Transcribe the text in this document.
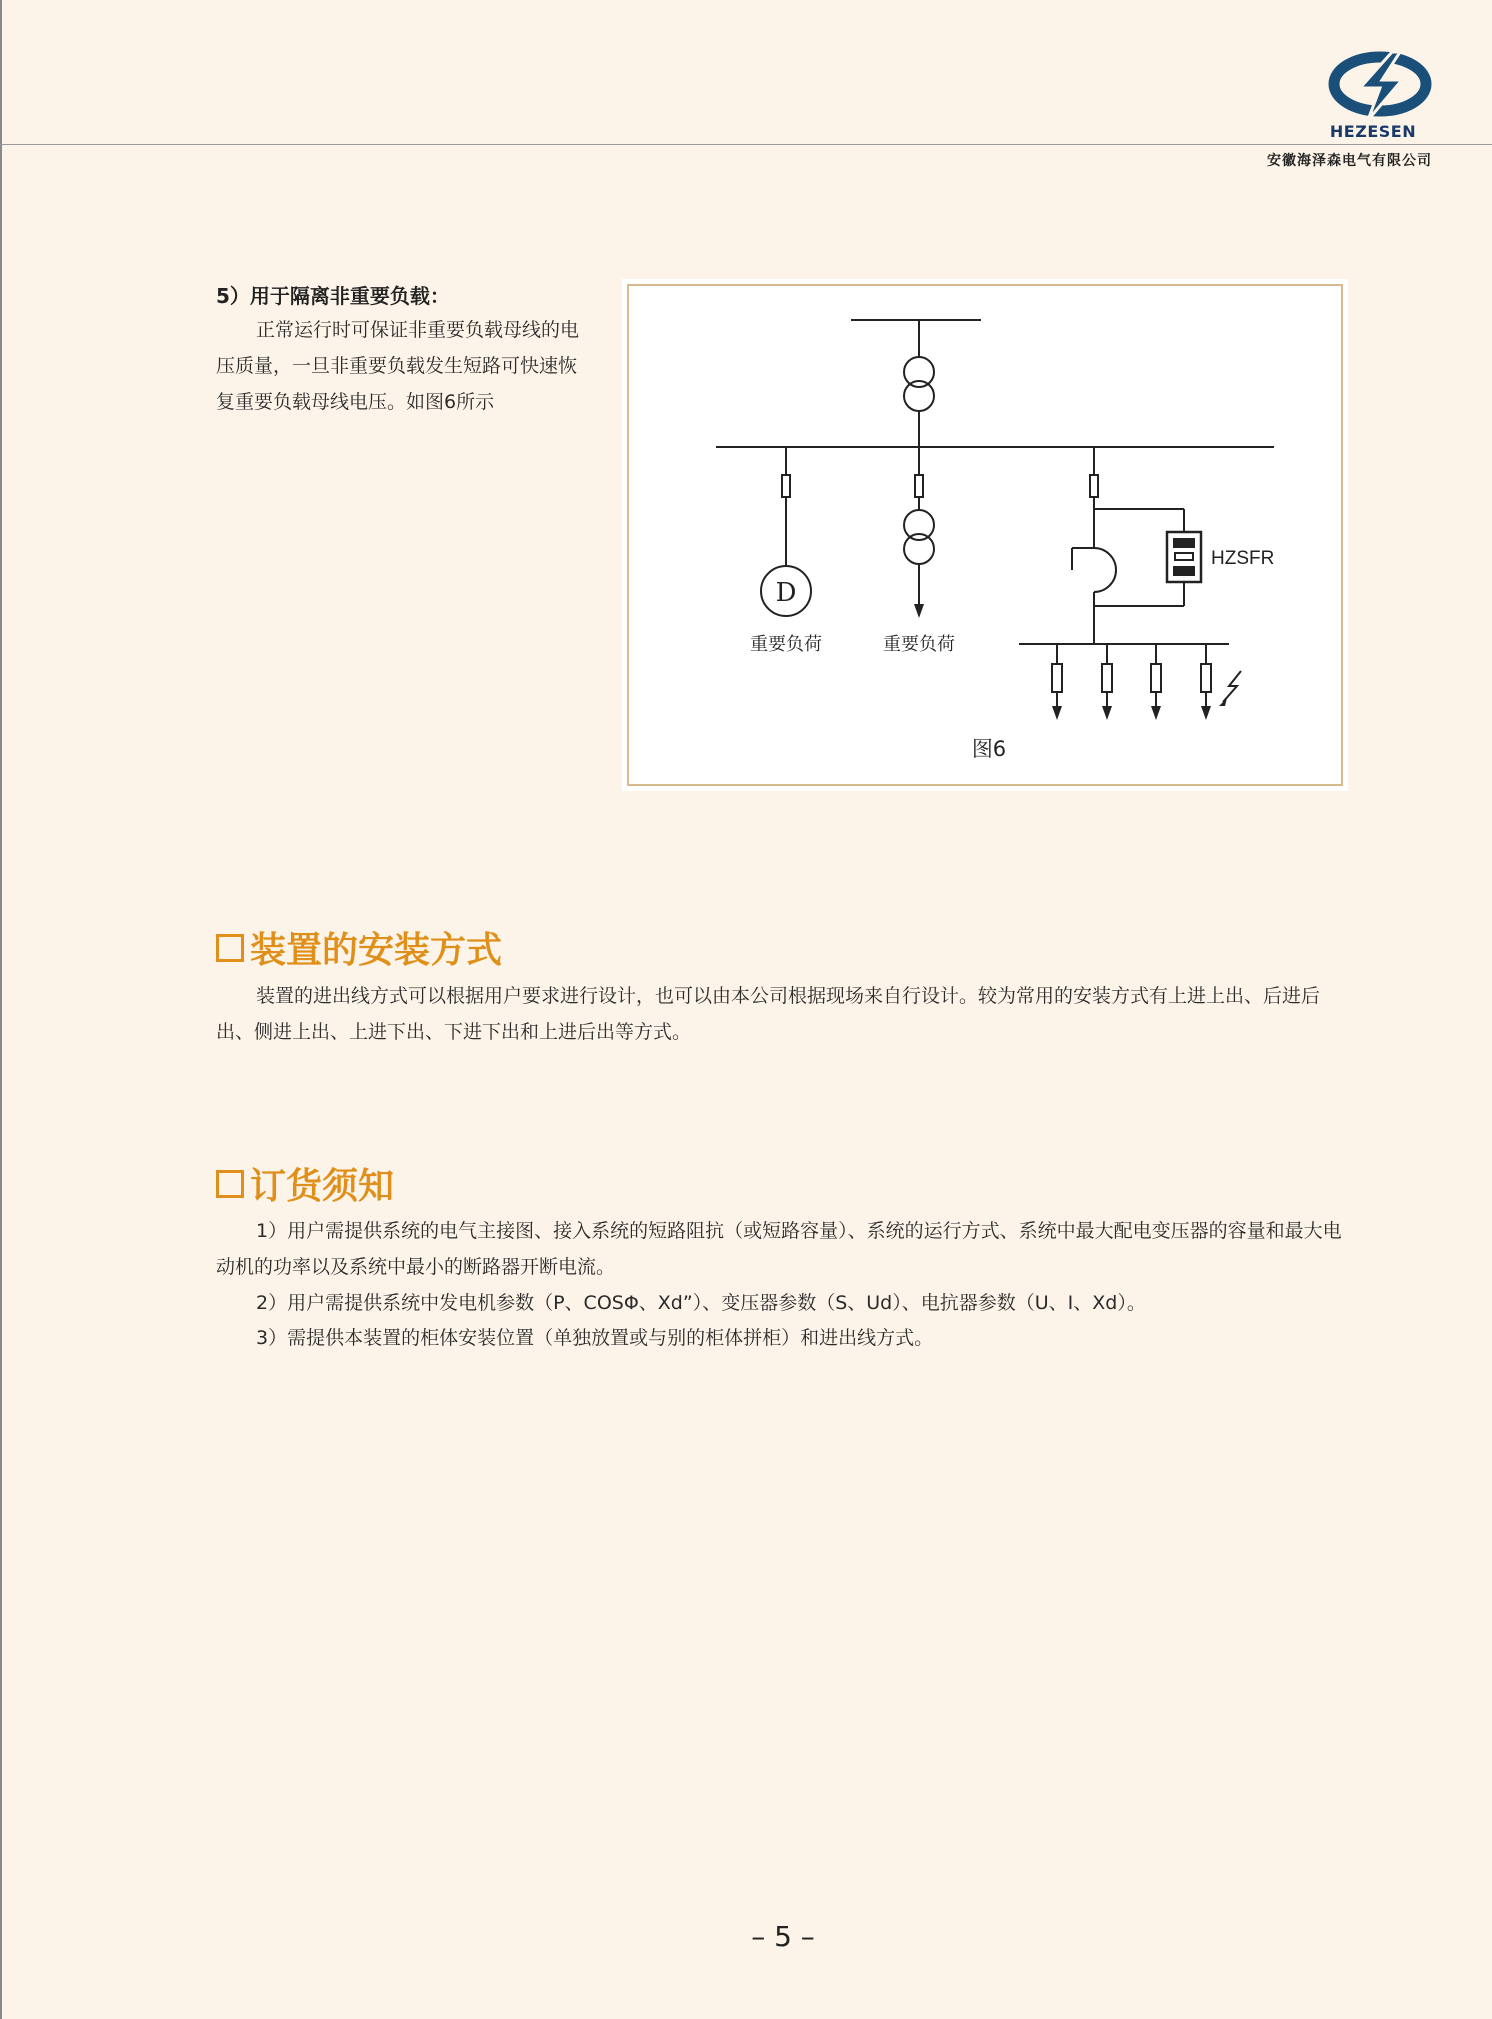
HEZESEN
安徽海泽森电气有限公司
5）用于隔离非重要负载：
正常运行时可保证非重要负载母线的电压质量，一旦非重要负载发生短路可快速恢复重要负载母线电压。如图6所示
D
HZSFR
重要负荷	重要负荷
图6
装置的安装方式
装置的进出线方式可以根据用户要求进行设计，也可以由本公司根据现场来自行设计。较为常用的安装方式有上进上出、后进后出、侧进上出、上进下出、下进下出和上进后出等方式。
订货须知
1）用户需提供系统的电气主接图、接入系统的短路阻抗（或短路容量）、系统的运行方式、系统中最大配电变压器的容量和最大电动机的功率以及系统中最小的断路器开断电流。
2）用户需提供系统中发电机参数（P、COSΦ、Xd”）、变压器参数（S、Ud）、电抗器参数（U、I、Xd）。
3）需提供本装置的柜体安装位置（单独放置或与别的柜体拼柜）和进出线方式。
– 5 –
